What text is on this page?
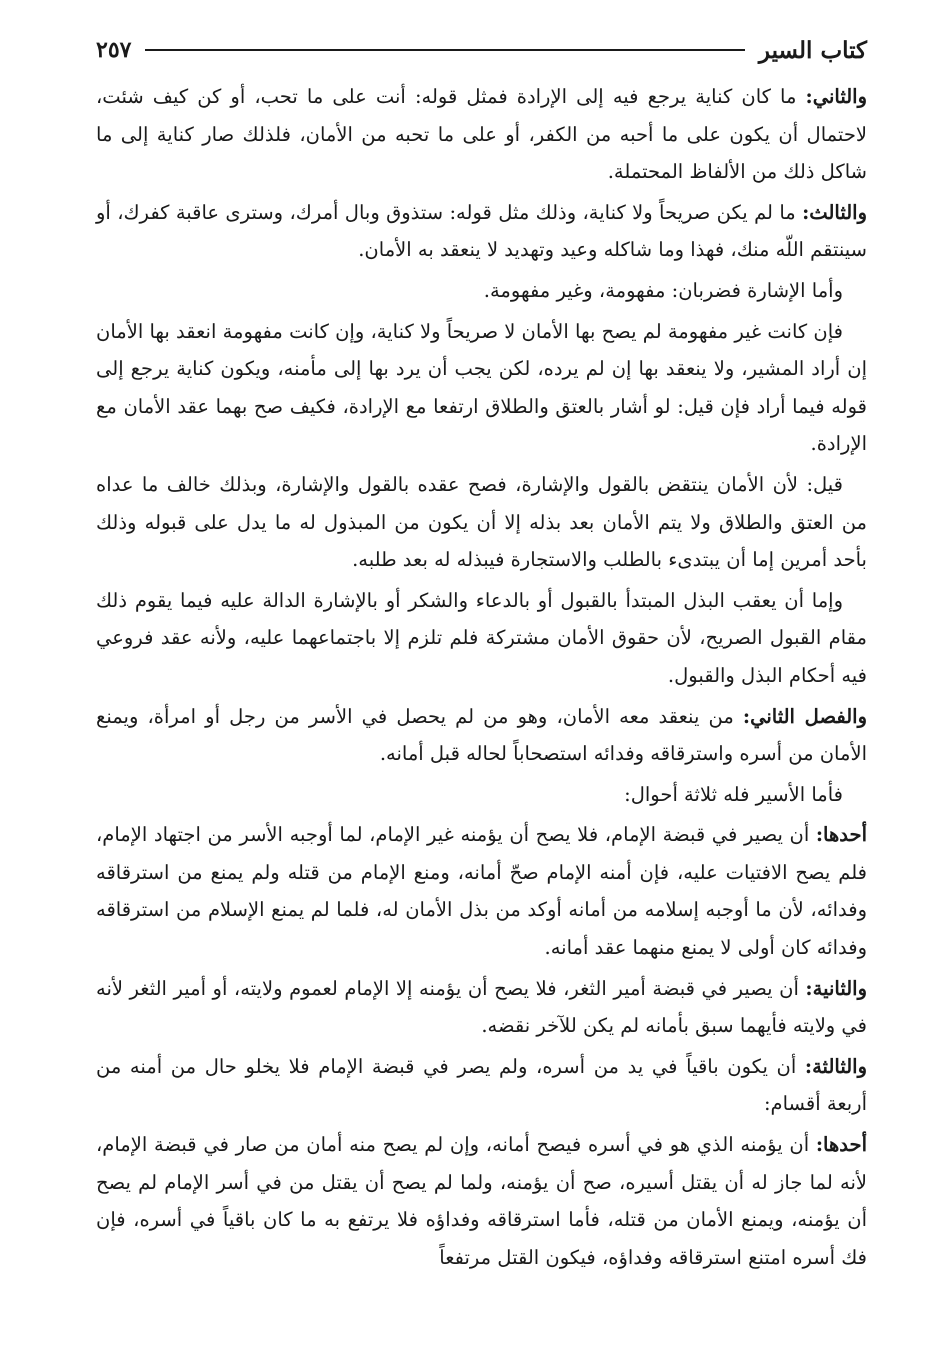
كتاب السير
٢٥٧

والثاني: ما كان كناية يرجع فيه إلى الإرادة فمثل قوله: أنت على ما تحب، أو كن كيف شئت، لاحتمال أن يكون على ما أحبه من الكفر، أو على ما تحبه من الأمان، فلذلك صار كناية إلى ما شاكل ذلك من الألفاظ المحتملة.

والثالث: ما لم يكن صريحاً ولا كناية، وذلك مثل قوله: ستذوق وبال أمرك، وسترى عاقبة كفرك، أو سينتقم اللّه منك، فهذا وما شاكله وعيد وتهديد لا ينعقد به الأمان.

وأما الإشارة فضربان: مفهومة، وغير مفهومة.

فإن كانت غير مفهومة لم يصح بها الأمان لا صريحاً ولا كناية، وإن كانت مفهومة انعقد بها الأمان إن أراد المشير، ولا ينعقد بها إن لم يرده، لكن يجب أن يرد بها إلى مأمنه، ويكون كناية يرجع إلى قوله فيما أراد فإن قيل: لو أشار بالعتق والطلاق ارتفعا مع الإرادة، فكيف صح بهما عقد الأمان مع الإرادة.

قيل: لأن الأمان ينتقض بالقول والإشارة، فصح عقده بالقول والإشارة، وبذلك خالف ما عداه من العتق والطلاق ولا يتم الأمان بعد بذله إلا أن يكون من المبذول له ما يدل على قبوله وذلك بأحد أمرين إما أن يبتدىء بالطلب والاستجارة فيبذله له بعد طلبه.

وإما أن يعقب البذل المبتدأ بالقبول أو بالدعاء والشكر أو بالإشارة الدالة عليه فيما يقوم ذلك مقام القبول الصريح، لأن حقوق الأمان مشتركة فلم تلزم إلا باجتماعهما عليه، ولأنه عقد فروعي فيه أحكام البذل والقبول.

والفصل الثاني: من ينعقد معه الأمان، وهو من لم يحصل في الأسر من رجل أو امرأة، ويمنع الأمان من أسره واسترقاقه وفدائه استصحاباً لحاله قبل أمانه.

فأما الأسير فله ثلاثة أحوال:

أحدها: أن يصير في قبضة الإمام، فلا يصح أن يؤمنه غير الإمام، لما أوجبه الأسر من اجتهاد الإمام، فلم يصح الافتيات عليه، فإن أمنه الإمام صحّ أمانه، ومنع الإمام من قتله ولم يمنع من استرقاقه وفدائه، لأن ما أوجبه إسلامه من أمانه أوكد من بذل الأمان له، فلما لم يمنع الإسلام من استرقاقه وفدائه كان أولى لا يمنع منهما عقد أمانه.

والثانية: أن يصير في قبضة أمير الثغر، فلا يصح أن يؤمنه إلا الإمام لعموم ولايته، أو أمير الثغر لأنه في ولايته فأيهما سبق بأمانه لم يكن للآخر نقضه.

والثالثة: أن يكون باقياً في يد من أسره، ولم يصر في قبضة الإمام فلا يخلو حال من أمنه من أربعة أقسام:

أحدها: أن يؤمنه الذي هو في أسره فيصح أمانه، وإن لم يصح منه أمان من صار في قبضة الإمام، لأنه لما جاز له أن يقتل أسيره، صح أن يؤمنه، ولما لم يصح أن يقتل من في أسر الإمام لم يصح أن يؤمنه، ويمنع الأمان من قتله، فأما استرقاقه وفداؤه فلا يرتفع به ما كان باقياً في أسره، فإن فك أسره امتنع استرقاقه وفداؤه، فيكون القتل مرتفعاً
